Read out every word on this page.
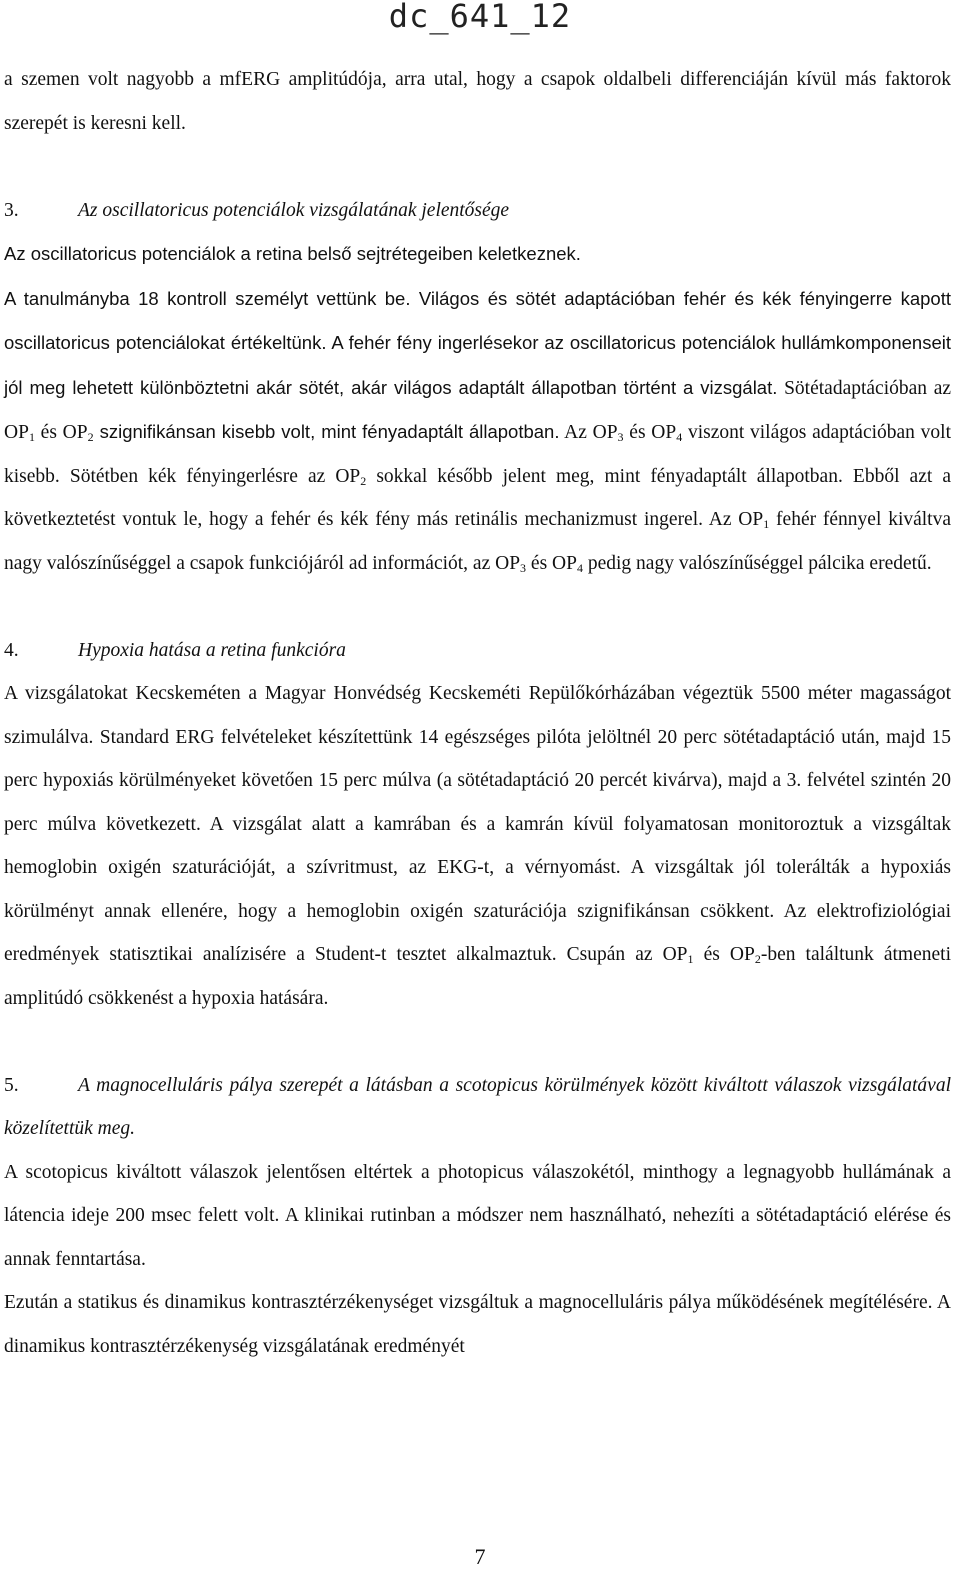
dc_641_12

a szemen volt nagyobb a mfERG amplitúdója, arra utal, hogy a csapok oldalbeli differenciáján kívül más faktorok szerepét is keresni kell.

3.	Az oscillatoricus potenciálok vizsgálatának jelentősége

Az oscillatoricus potenciálok a retina belső sejtrétegeiben keletkeznek.
A tanulmányba 18 kontroll személyt vettünk be. Világos és sötét adaptációban fehér és kék fényingerre kapott oscillatoricus potenciálokat értékeltünk. A fehér fény ingerlésekor az oscillatoricus potenciálok hullámkomponenseit jól meg lehetett különböztetni akár sötét, akár világos adaptált állapotban történt a vizsgálat. Sötétadaptációban az $OP_1$ és $OP_2$ szignifikánsan kisebb volt, mint fényadaptált állapotban. Az $OP_3$ és $OP_4$ viszont világos adaptációban volt kisebb. Sötétben kék fényingerlésre az $OP_2$ sokkal később jelent meg, mint fényadaptált állapotban. Ebből azt a következtetést vontuk le, hogy a fehér és kék fény más retinális mechanizmust ingerel. Az $OP_1$ fehér fénnyel kiváltva nagy valószínűséggel a csapok funkciójáról ad információt, az $OP_3$ és $OP_4$ pedig nagy valószínűséggel pálcika eredetű.

4.	Hypoxia hatása a retina funkcióra

A vizsgálatokat Kecskeméten a Magyar Honvédség Kecskeméti Repülőkórházában végeztük 5500 méter magasságot szimulálva. Standard ERG felvételeket készítettünk 14 egészséges pilóta jelöltnél 20 perc sötétadaptáció után, majd 15 perc hypoxiás körülményeket követően 15 perc múlva (a sötétadaptáció 20 percét kivárva), majd a 3. felvétel szintén 20 perc múlva következett. A vizsgálat alatt a kamrában és a kamrán kívül folyamatosan monitoroztuk a vizsgáltak hemoglobin oxigén szaturációját, a szívritmust, az EKG-t, a vérnyomást. A vizsgáltak jól tolerálták a hypoxiás körülményt annak ellenére, hogy a hemoglobin oxigén szaturációja szignifikánsan csökkent. Az elektrofiziológiai eredmények statisztikai analízisére a Student-t tesztet alkalmaztuk. Csupán az $OP_1$ és $OP_2$-ben találtunk átmeneti amplitúdó csökkenést a hypoxia hatására.

5.	A magnocelluláris pálya szerepét a látásban a scotopicus körülmények között kiváltott válaszok vizsgálatával közelítettük meg.

A scotopicus kiváltott válaszok jelentősen eltértek a photopicus válaszokétól, minthogy a legnagyobb hullámának a látencia ideje 200 msec felett volt. A klinikai rutinban a módszer nem használható, nehezíti a sötétadaptáció elérése és annak fenntartása.

Ezután a statikus és dinamikus kontrasztérzékenységet vizsgáltuk a magnocelluláris pálya működésének megítélésére. A dinamikus kontrasztérzékenység vizsgálatának eredményét

7
